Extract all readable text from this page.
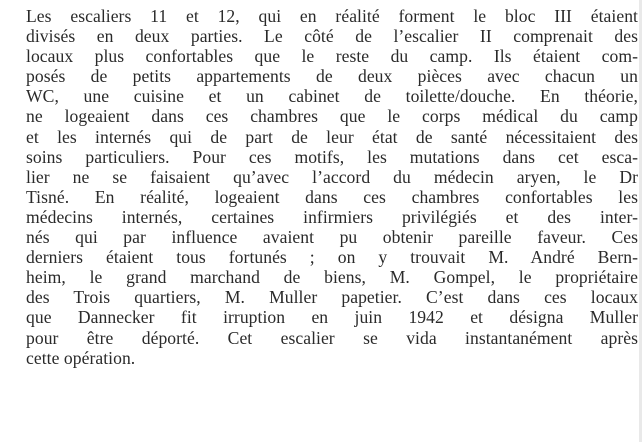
Les escaliers 11 et 12, qui en réalité forment le bloc III étaient
divisés en deux parties. Le côté de l’escalier II comprenait des
locaux plus confortables que le reste du camp. Ils étaient com-
posés de petits appartements de deux pièces avec chacun un
WC, une cuisine et un cabinet de toilette/douche. En théorie,
ne logeaient dans ces chambres que le corps médical du camp
et les internés qui de part de leur état de santé nécessitaient des
soins particuliers. Pour ces motifs, les mutations dans cet esca-
lier ne se faisaient qu’avec l’accord du médecin aryen, le Dr
Tisné. En réalité, logeaient dans ces chambres confortables les
médecins internés, certaines infirmiers privilégiés et des inter-
nés qui par influence avaient pu obtenir pareille faveur. Ces
derniers étaient tous fortunés ; on y trouvait M. André Bern-
heim, le grand marchand de biens, M. Gompel, le propriétaire
des Trois quartiers, M. Muller papetier. C’est dans ces locaux
que Dannecker fit irruption en juin 1942 et désigna Muller
pour être déporté. Cet escalier se vida instantanément après
cette opération.
